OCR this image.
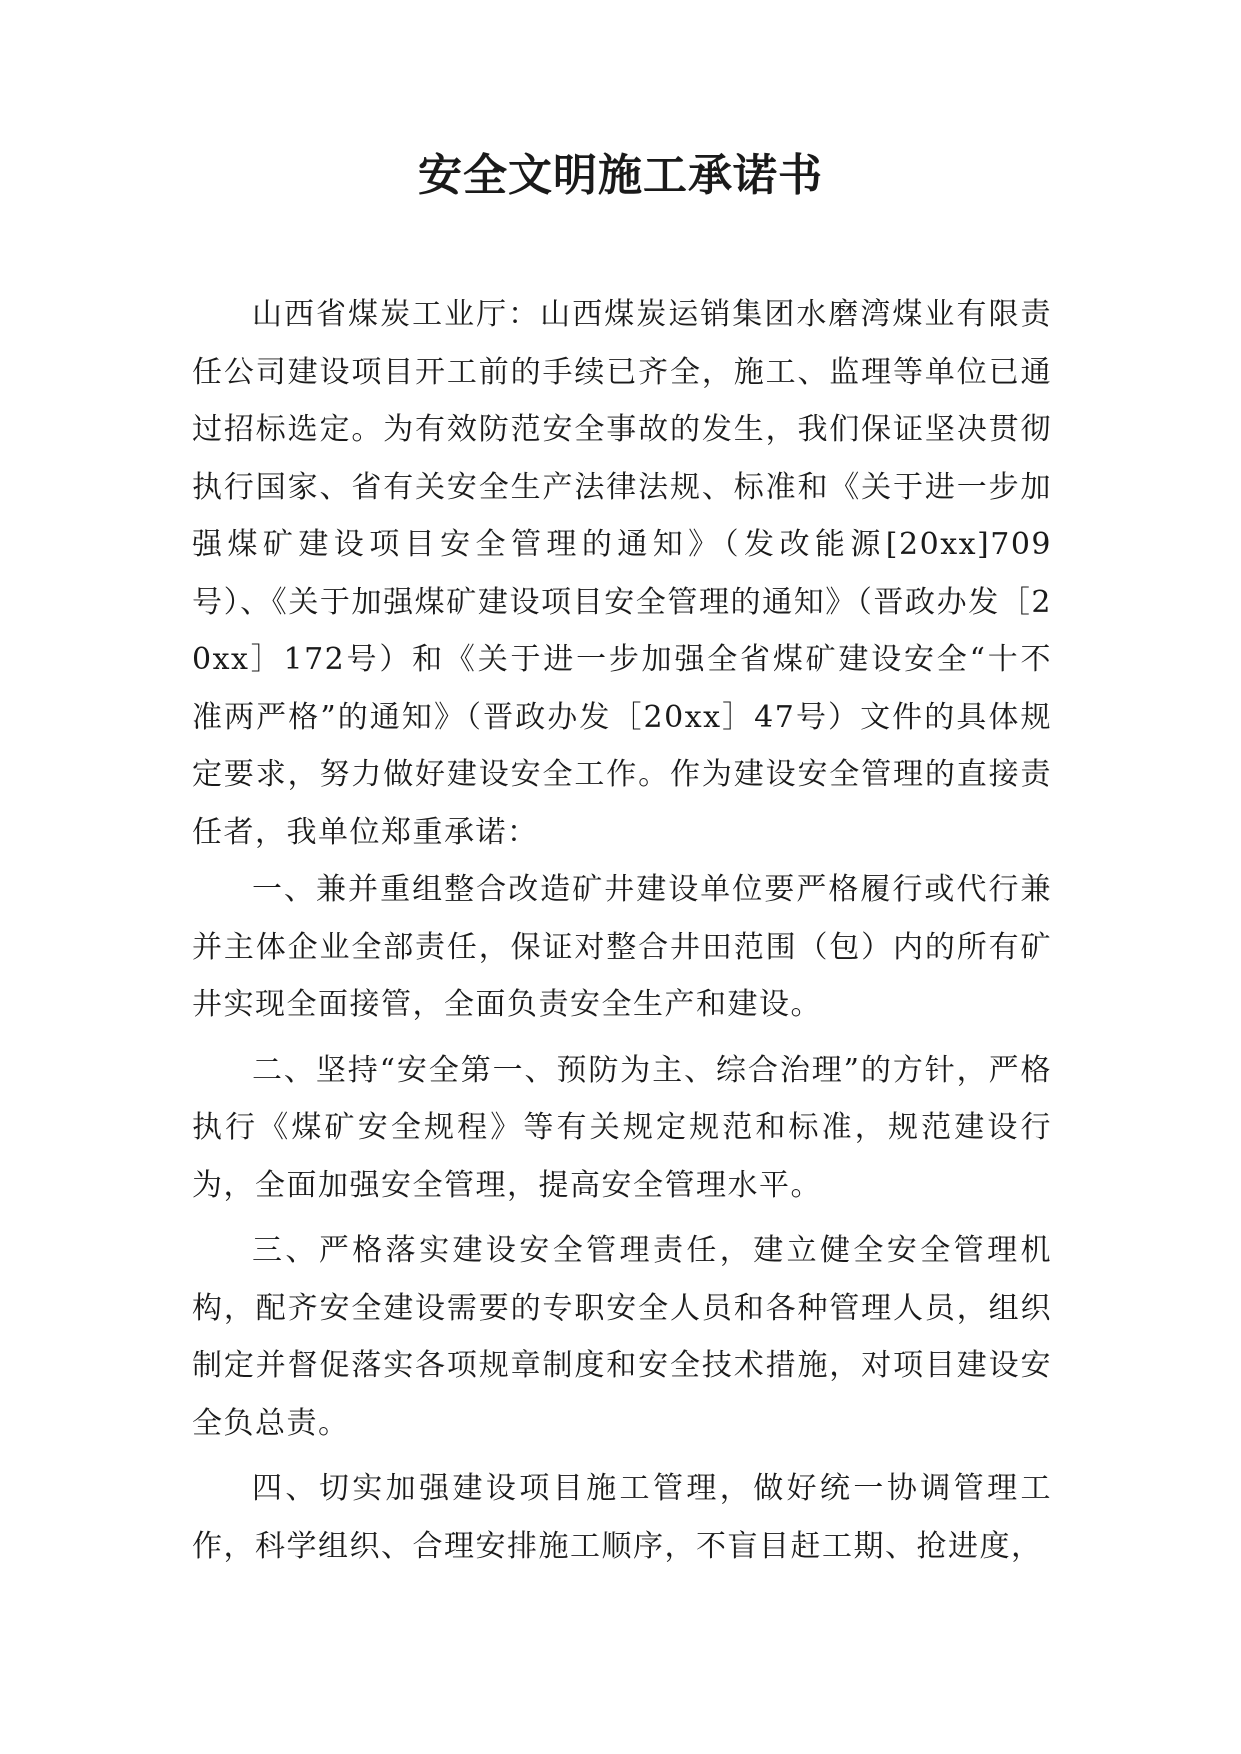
安全文明施工承诺书

山西省煤炭工业厅：山西煤炭运销集团水磨湾煤业有限责任公司建设项目开工前的手续已齐全，施工、监理等单位已通过招标选定。为有效防范安全事故的发生，我们保证坚决贯彻执行国家、省有关安全生产法律法规、标准和《关于进一步加强煤矿建设项目安全管理的通知》（发改能源[20xx]709号）、《关于加强煤矿建设项目安全管理的通知》（晋政办发［20xx］172号）和《关于进一步加强全省煤矿建设安全“十不准两严格”的通知》（晋政办发［20xx］47号）文件的具体规定要求，努力做好建设安全工作。作为建设安全管理的直接责任者，我单位郑重承诺：

一、兼并重组整合改造矿井建设单位要严格履行或代行兼并主体企业全部责任，保证对整合井田范围（包）内的所有矿井实现全面接管，全面负责安全生产和建设。

二、坚持“安全第一、预防为主、综合治理”的方针，严格执行《煤矿安全规程》等有关规定规范和标准，规范建设行为，全面加强安全管理，提高安全管理水平。

三、严格落实建设安全管理责任，建立健全安全管理机构，配齐安全建设需要的专职安全人员和各种管理人员，组织制定并督促落实各项规章制度和安全技术措施，对项目建设安全负总责。

四、切实加强建设项目施工管理，做好统一协调管理工作，科学组织、合理安排施工顺序，不盲目赶工期、抢进度，
